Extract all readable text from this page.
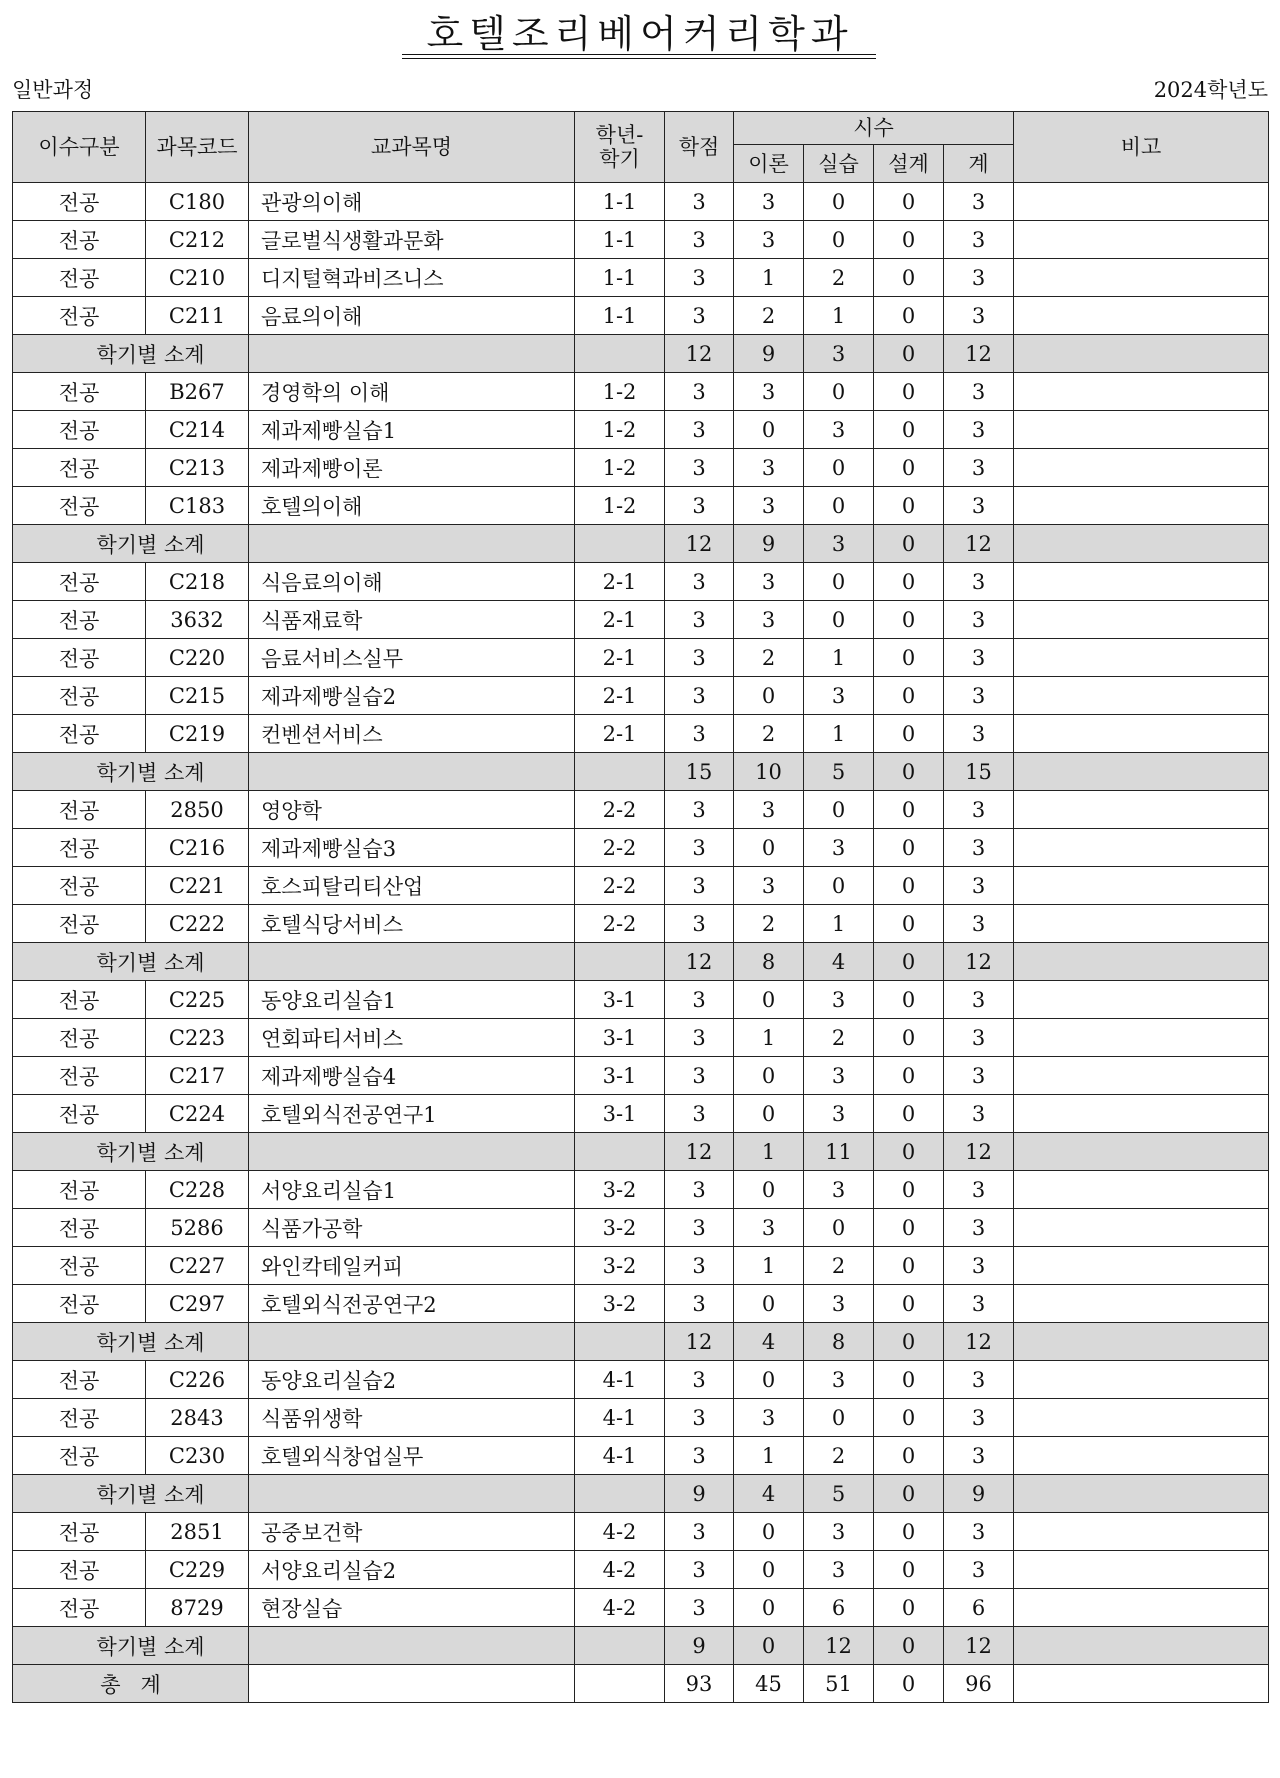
호텔조리베어커리학과
일반과정	2024학년도
이수구분	과목코드	교과목명	학년-
학기	학점	시수				비고
					이론	실습	설계	계	
전공	C180	관광의이해	1-1	3	3	0	0	3	
전공	C212	글로벌식생활과문화	1-1	3	3	0	0	3	
전공	C210	디지털혁과비즈니스	1-1	3	1	2	0	3	
전공	C211	음료의이해	1-1	3	2	1	0	3	
학기별 소계				12	9	3	0	12	
전공	B267	경영학의 이해	1-2	3	3	0	0	3	
전공	C214	제과제빵실습1	1-2	3	0	3	0	3	
전공	C213	제과제빵이론	1-2	3	3	0	0	3	
전공	C183	호텔의이해	1-2	3	3	0	0	3	
학기별 소계				12	9	3	0	12	
전공	C218	식음료의이해	2-1	3	3	0	0	3	
전공	3632	식품재료학	2-1	3	3	0	0	3	
전공	C220	음료서비스실무	2-1	3	2	1	0	3	
전공	C215	제과제빵실습2	2-1	3	0	3	0	3	
전공	C219	컨벤션서비스	2-1	3	2	1	0	3	
학기별 소계				15	10	5	0	15	
전공	2850	영양학	2-2	3	3	0	0	3	
전공	C216	제과제빵실습3	2-2	3	0	3	0	3	
전공	C221	호스피탈리티산업	2-2	3	3	0	0	3	
전공	C222	호텔식당서비스	2-2	3	2	1	0	3	
학기별 소계				12	8	4	0	12	
전공	C225	동양요리실습1	3-1	3	0	3	0	3	
전공	C223	연회파티서비스	3-1	3	1	2	0	3	
전공	C217	제과제빵실습4	3-1	3	0	3	0	3	
전공	C224	호텔외식전공연구1	3-1	3	0	3	0	3	
학기별 소계				12	1	11	0	12	
전공	C228	서양요리실습1	3-2	3	0	3	0	3	
전공	5286	식품가공학	3-2	3	3	0	0	3	
전공	C227	와인칵테일커피	3-2	3	1	2	0	3	
전공	C297	호텔외식전공연구2	3-2	3	0	3	0	3	
학기별 소계				12	4	8	0	12	
전공	C226	동양요리실습2	4-1	3	0	3	0	3	
전공	2843	식품위생학	4-1	3	3	0	0	3	
전공	C230	호텔외식창업실무	4-1	3	1	2	0	3	
학기별 소계				9	4	5	0	9	
전공	2851	공중보건학	4-2	3	0	3	0	3	
전공	C229	서양요리실습2	4-2	3	0	3	0	3	
전공	8729	현장실습	4-2	3	0	6	0	6	
학기별 소계				9	0	12	0	12	
총   계				93	45	51	0	96	
